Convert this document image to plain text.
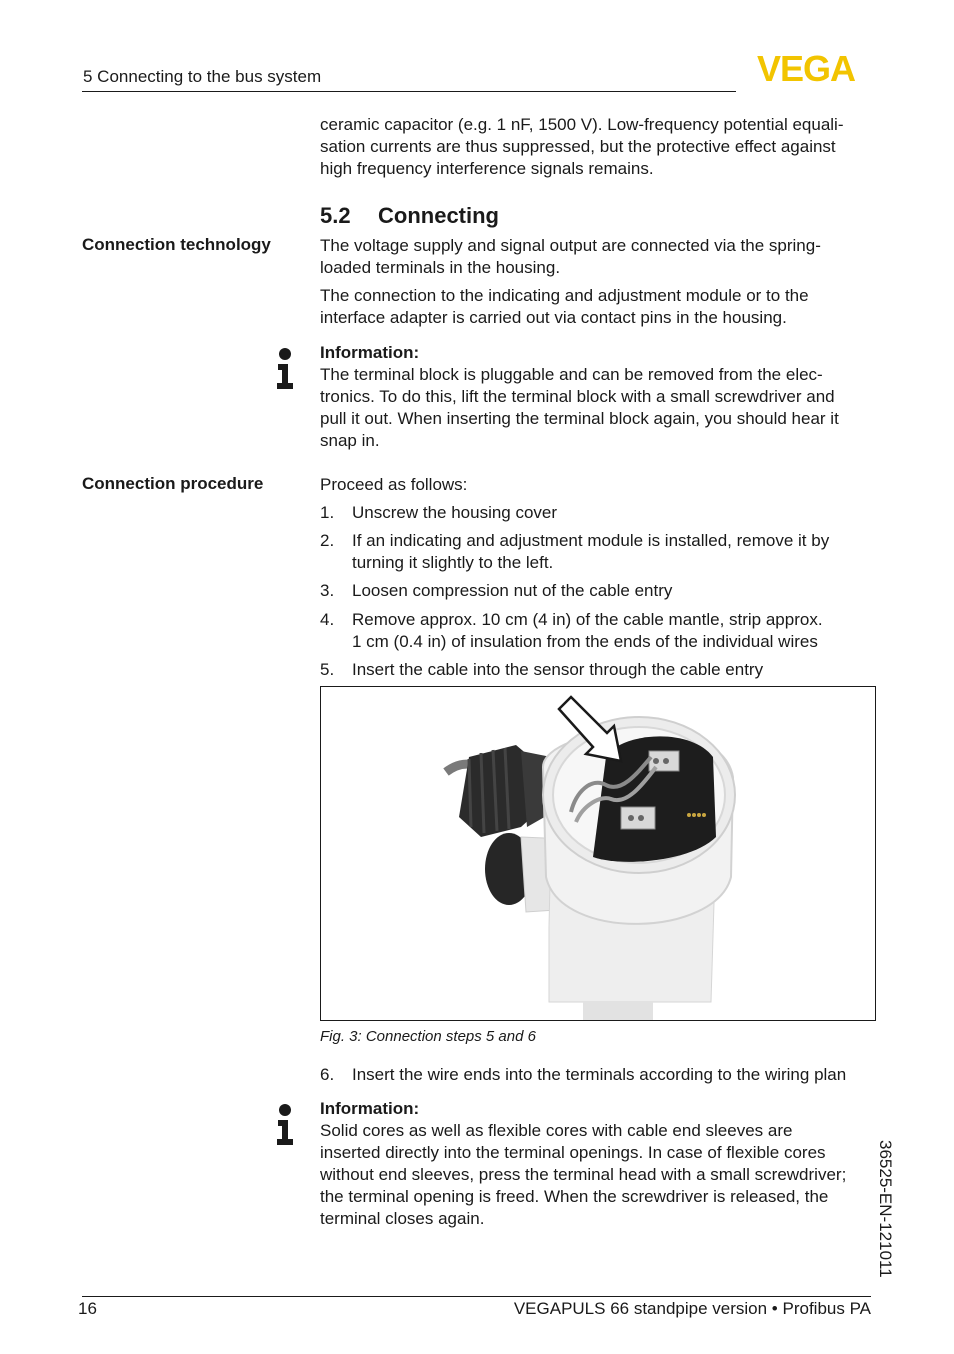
5 Connecting to the bus system	VEGA
ceramic capacitor (e.g. 1 nF, 1500 V). Low-frequency potential equali-
sation currents are thus suppressed, but the protective effect against
high frequency interference signals remains.
5.2 Connecting
Connection technology	The voltage supply and signal output are connected via the spring-
loaded terminals in the housing.
The connection to the indicating and adjustment module or to the
interface adapter is carried out via contact pins in the housing.
Information:
The terminal block is pluggable and can be removed from the elec-
tronics. To do this, lift the terminal block with a small screwdriver and
pull it out. When inserting the terminal block again, you should hear it
snap in.
Connection procedure	Proceed as follows:
1. Unscrew the housing cover
2. If an indicating and adjustment module is installed, remove it by
turning it slightly to the left.
3. Loosen compression nut of the cable entry
4. Remove approx. 10 cm (4 in) of the cable mantle, strip approx.
1 cm (0.4 in) of insulation from the ends of the individual wires
5. Insert the cable into the sensor through the cable entry
Fig. 3: Connection steps 5 and 6
6. Insert the wire ends into the terminals according to the wiring plan
Information:
Solid cores as well as flexible cores with cable end sleeves are
inserted directly into the terminal openings. In case of flexible cores
without end sleeves, press the terminal head with a small screwdriver;
the terminal opening is freed. When the screwdriver is released, the
terminal closes again.	36525-EN-121011
16	VEGAPULS 66 standpipe version • Profibus PA
